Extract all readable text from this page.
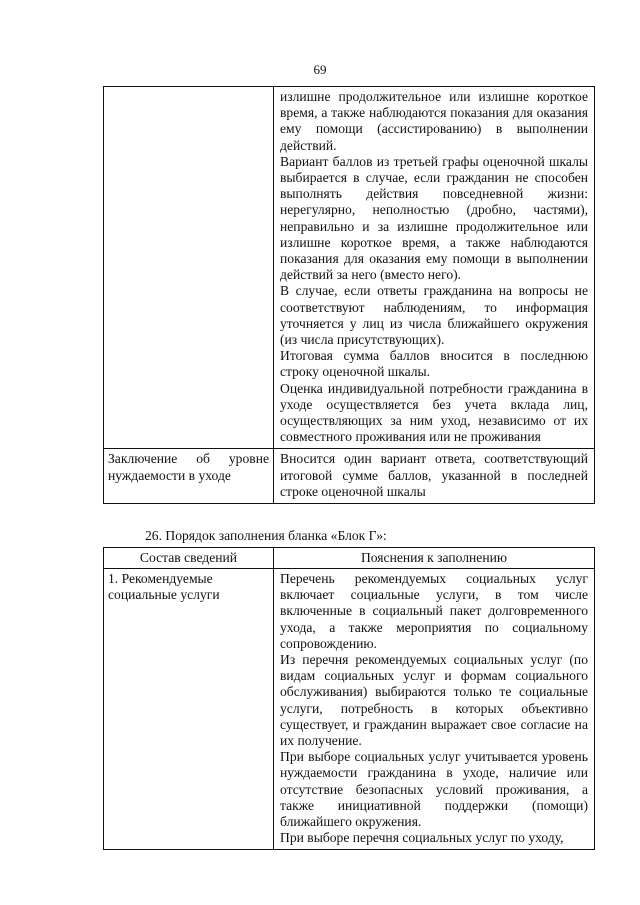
69

	излишне продолжительное или излишне короткое время, а также наблюдаются показания для оказания ему помощи (ассистированию) в выполнении действий.

Вариант баллов из третьей графы оценочной шкалы выбирается в случае, если гражданин не способен выполнять действия повседневной жизни: нерегулярно, неполностью (дробно, частями), неправильно и за излишне продолжительное или излишне короткое время, а также наблюдаются показания для оказания ему помощи в выполнении действий за него (вместо него).

В случае, если ответы гражданина на вопросы не соответствуют наблюдениям, то информация уточняется у лиц из числа ближайшего окружения (из числа присутствующих).

Итоговая сумма баллов вносится в последнюю строку оценочной шкалы.

Оценка индивидуальной потребности гражданина в уходе осуществляется без учета вклада лиц, осуществляющих за ним уход, независимо от их совместного проживания или не проживания

Заключение об уровне нуждаемости в уходе	Вносится один вариант ответа, соответствующий итоговой сумме баллов, указанной в последней строке оценочной шкалы

26. Порядок заполнения бланка «Блок Г»:
Состав сведений	Пояснения к заполнению

1. Рекомендуемые социальные услуги	Перечень рекомендуемых социальных услуг включает социальные услуги, в том числе включенные в социальный пакет долговременного ухода, а также мероприятия по социальному сопровождению.

Из перечня рекомендуемых социальных услуг (по видам социальных услуг и формам социального обслуживания) выбираются только те социальные услуги, потребность в которых объективно существует, и гражданин выражает свое согласие на их получение.

При выборе социальных услуг учитывается уровень нуждаемости гражданина в уходе, наличие или отсутствие безопасных условий проживания, а также инициативной поддержки (помощи) ближайшего окружения.

При выборе перечня социальных услуг по уходу,
